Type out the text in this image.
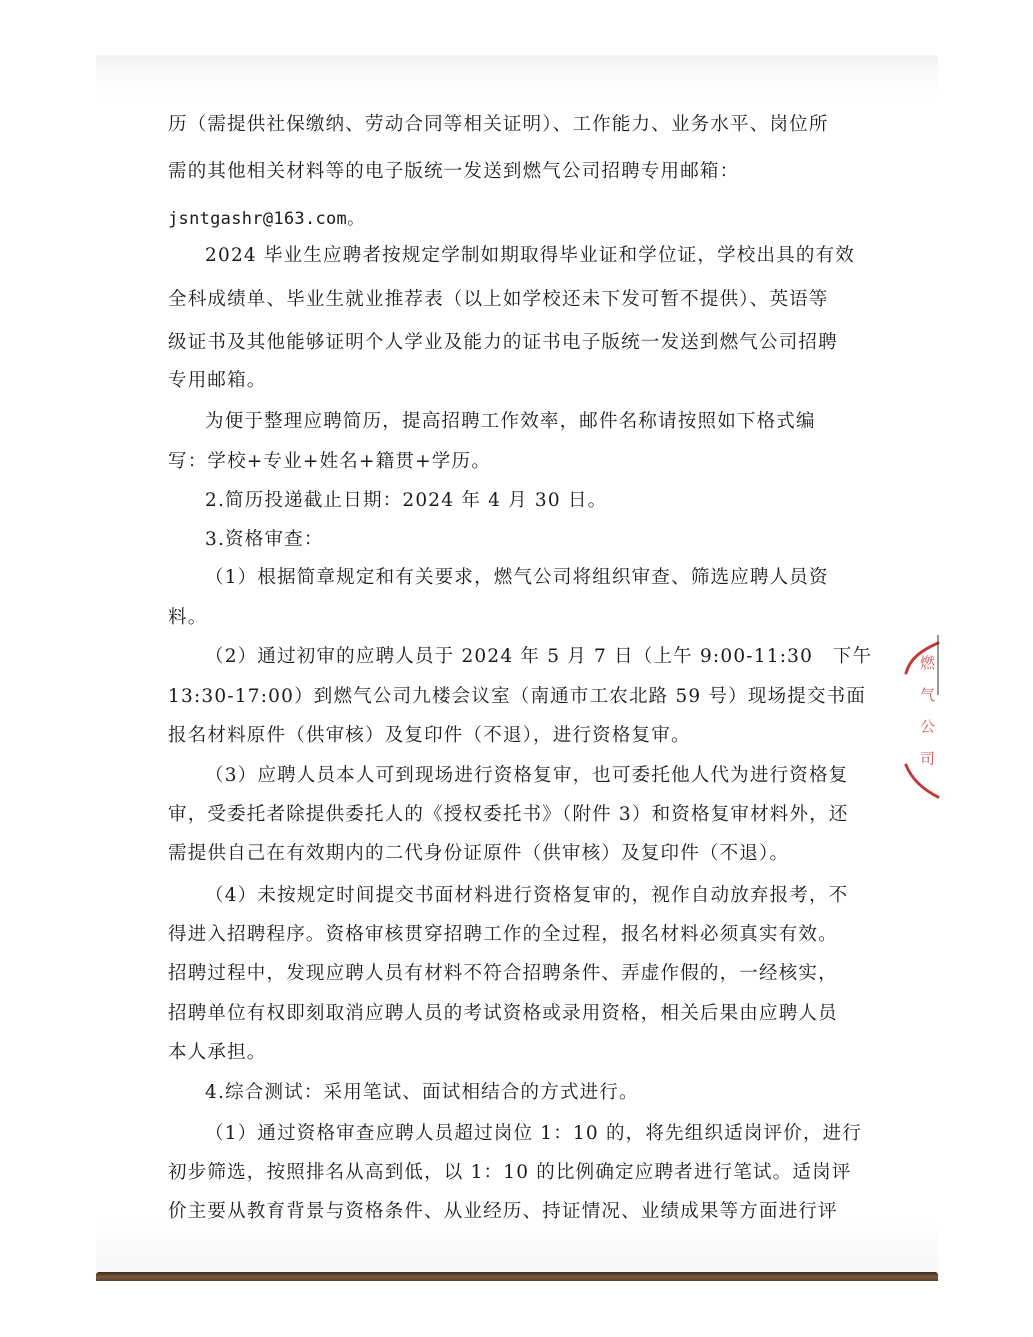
历（需提供社保缴纳、劳动合同等相关证明）、工作能力、业务水平、岗位所
需的其他相关材料等的电子版统一发送到燃气公司招聘专用邮箱：
jsntgashr@163.com。
2024 毕业生应聘者按规定学制如期取得毕业证和学位证，学校出具的有效
全科成绩单、毕业生就业推荐表（以上如学校还未下发可暂不提供）、英语等
级证书及其他能够证明个人学业及能力的证书电子版统一发送到燃气公司招聘
专用邮箱。
为便于整理应聘简历，提高招聘工作效率，邮件名称请按照如下格式编
写：学校+专业+姓名+籍贯+学历。
2.简历投递截止日期：2024 年 4 月 30 日。
3.资格审查：
（1）根据简章规定和有关要求，燃气公司将组织审查、筛选应聘人员资
料。
（2）通过初审的应聘人员于 2024 年 5 月 7 日（上午 9:00-11:30　下午
13:30-17:00）到燃气公司九楼会议室（南通市工农北路 59 号）现场提交书面
报名材料原件（供审核）及复印件（不退），进行资格复审。
（3）应聘人员本人可到现场进行资格复审，也可委托他人代为进行资格复
审，受委托者除提供委托人的《授权委托书》（附件 3）和资格复审材料外，还
需提供自己在有效期内的二代身份证原件（供审核）及复印件（不退）。
（4）未按规定时间提交书面材料进行资格复审的，视作自动放弃报考，不
得进入招聘程序。资格审核贯穿招聘工作的全过程，报名材料必须真实有效。
招聘过程中，发现应聘人员有材料不符合招聘条件、弄虚作假的，一经核实，
招聘单位有权即刻取消应聘人员的考试资格或录用资格，相关后果由应聘人员
本人承担。
4.综合测试：采用笔试、面试相结合的方式进行。
（1）通过资格审查应聘人员超过岗位 1：10 的，将先组织适岗评价，进行
初步筛选，按照排名从高到低，以 1：10 的比例确定应聘者进行笔试。适岗评
价主要从教育背景与资格条件、从业经历、持证情况、业绩成果等方面进行评
燃 气 公 司
